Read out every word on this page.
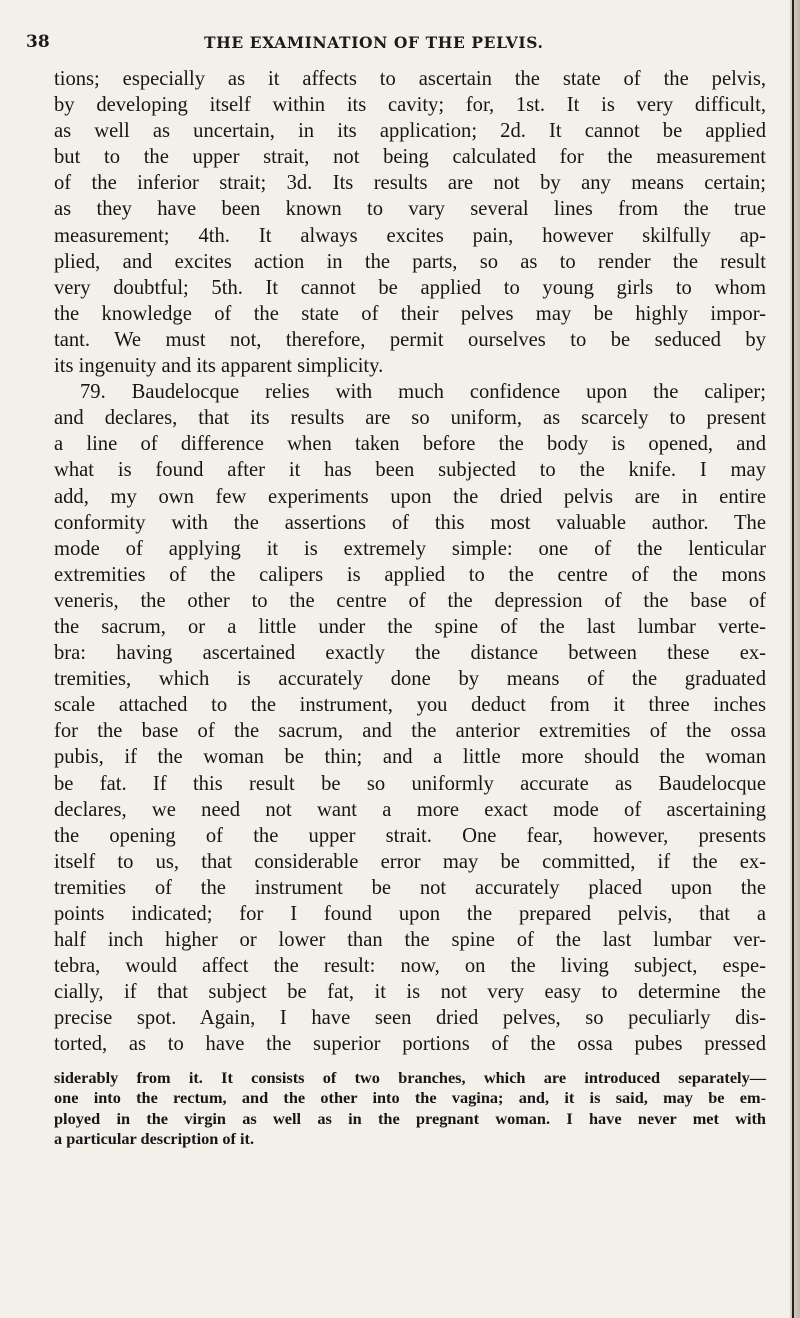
38	THE EXAMINATION OF THE PELVIS.
tions; especially as it affects to ascertain the state of the pelvis,
by developing itself within its cavity; for, 1st. It is very difficult,
as well as uncertain, in its application; 2d. It cannot be applied
but to the upper strait, not being calculated for the measurement
of the inferior strait; 3d. Its results are not by any means certain;
as they have been known to vary several lines from the true
measurement; 4th. It always excites pain, however skilfully ap-
plied, and excites action in the parts, so as to render the result
very doubtful; 5th. It cannot be applied to young girls to whom
the knowledge of the state of their pelves may be highly impor-
tant. We must not, therefore, permit ourselves to be seduced by
its ingenuity and its apparent simplicity.
79. Baudelocque relies with much confidence upon the caliper;
and declares, that its results are so uniform, as scarcely to present
a line of difference when taken before the body is opened, and
what is found after it has been subjected to the knife. I may
add, my own few experiments upon the dried pelvis are in entire
conformity with the assertions of this most valuable author. The
mode of applying it is extremely simple: one of the lenticular
extremities of the calipers is applied to the centre of the mons
veneris, the other to the centre of the depression of the base of
the sacrum, or a little under the spine of the last lumbar verte-
bra: having ascertained exactly the distance between these ex-
tremities, which is accurately done by means of the graduated
scale attached to the instrument, you deduct from it three inches
for the base of the sacrum, and the anterior extremities of the ossa
pubis, if the woman be thin; and a little more should the woman
be fat. If this result be so uniformly accurate as Baudelocque
declares, we need not want a more exact mode of ascertaining
the opening of the upper strait. One fear, however, presents
itself to us, that considerable error may be committed, if the ex-
tremities of the instrument be not accurately placed upon the
points indicated; for I found upon the prepared pelvis, that a
half inch higher or lower than the spine of the last lumbar ver-
tebra, would affect the result: now, on the living subject, espe-
cially, if that subject be fat, it is not very easy to determine the
precise spot. Again, I have seen dried pelves, so peculiarly dis-
torted, as to have the superior portions of the ossa pubes pressed
siderably from it. It consists of two branches, which are introduced separately—
one into the rectum, and the other into the vagina; and, it is said, may be em-
ployed in the virgin as well as in the pregnant woman. I have never met with
a particular description of it.
